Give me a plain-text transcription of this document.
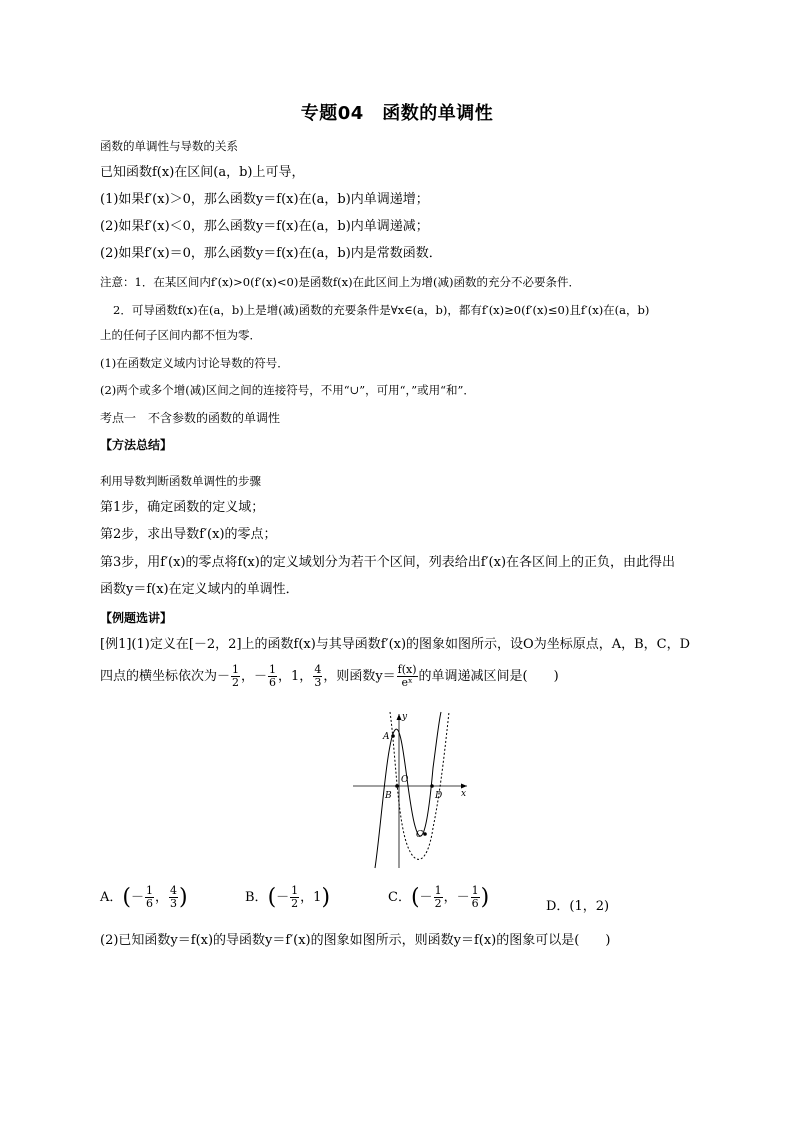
专题04　函数的单调性
函数的单调性与导数的关系
已知函数f(x)在区间(a，b)上可导，
(1)如果f′(x)＞0，那么函数y＝f(x)在(a，b)内单调递增；
(2)如果f′(x)＜0，那么函数y＝f(x)在(a，b)内单调递减；
(2)如果f′(x)＝0，那么函数y＝f(x)在(a，b)内是常数函数．
注意：1．在某区间内f′(x)>0(f′(x)<0)是函数f(x)在此区间上为增(减)函数的充分不必要条件．
2．可导函数f(x)在(a，b)上是增(减)函数的充要条件是∀x∈(a，b)，都有f′(x)≥0(f′(x)≤0)且f′(x)在(a，b)
上的任何子区间内都不恒为零．
(1)在函数定义域内讨论导数的符号．
(2)两个或多个增(减)区间之间的连接符号，不用“∪”，可用“，”或用“和”．
考点一　不含参数的函数的单调性
【方法总结】
利用导数判断函数单调性的步骤
第1步，确定函数的定义域；
第2步，求出导数f′(x)的零点；
第3步，用f′(x)的零点将f(x)的定义域划分为若干个区间，列表给出f′(x)在各区间上的正负，由此得出
函数y＝f(x)在定义域内的单调性．
【例题选讲】
[例1](1)定义在[－2，2]上的函数f(x)与其导函数f′(x)的图象如图所示，设O为坐标原点，A，B，C，D
四点的横坐标依次为－ $\frac{1}{2}$ ，－ $\frac{1}{6}$ ，1， $\frac{4}{3}$ ，则函数$y= \frac{f(x)}{\text{eˣ}}$ 的单调递减区间是(　　)
y
x
A
B
O
D
C
A．(－ $\frac{1}{6}$ ， $\frac{4}{3}$ )	B．(－ $\frac{1}{2}$ ，1)	C．(－ $\frac{1}{2}$ ，－ $\frac{1}{6}$ )	D．(1，2)
(2)已知函数y＝f(x)的导函数y＝f′(x)的图象如图所示，则函数y＝f(x)的图象可以是(　　)
